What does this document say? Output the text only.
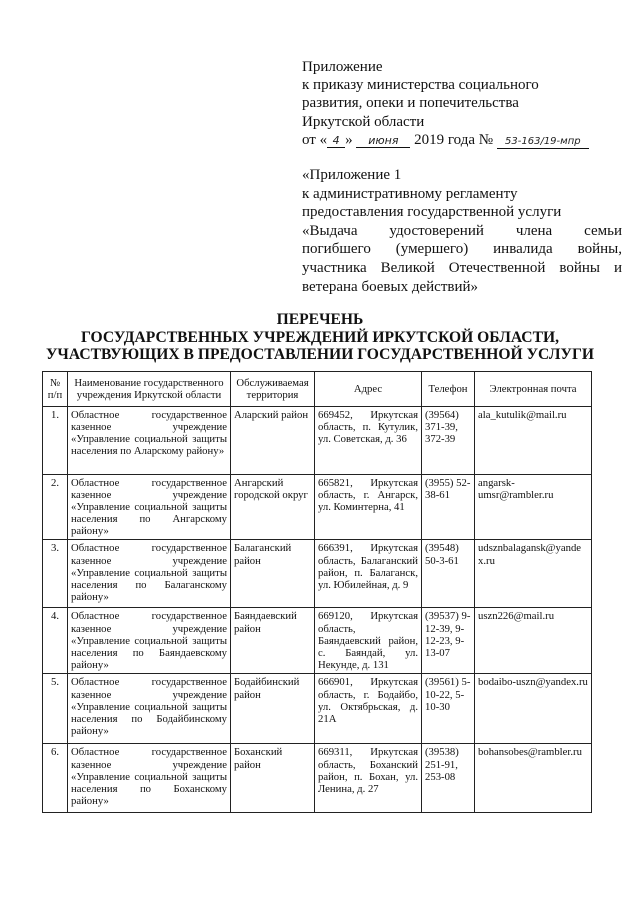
Приложение
к приказу министерства социального
развития, опеки и попечительства
Иркутской области
от « 4 » июня 2019 года № 53-163/19-мпр
«Приложение 1
к административному регламенту
предоставления государственной услуги
«Выдача удостоверений члена семьи
погибшего (умершего) инвалида войны,
участника Великой Отечественной войны и
ветерана боевых действий»
ПЕРЕЧЕНЬ
ГОСУДАРСТВЕННЫХ УЧРЕЖДЕНИЙ ИРКУТСКОЙ ОБЛАСТИ,
УЧАСТВУЮЩИХ В ПРЕДОСТАВЛЕНИИ ГОСУДАРСТВЕННОЙ УСЛУГИ
№ п/п	Наименование государственного учреждения Иркутской области	Обслуживаемая территория	Адрес	Телефон	Электронная почта
1.	Областное государственное казенное учреждение «Управление социальной защиты населения по Аларскому району»	Аларский район	669452, Иркутская область, п. Кутулик, ул. Советская, д. 36	(39564) 371-39, 372-39	ala_kutulik@mail.ru
2.	Областное государственное казенное учреждение «Управление социальной защиты населения по Ангарскому району»	Ангарский городской округ	665821, Иркутская область, г. Ангарск, ул. Коминтерна, 41	(3955) 52-38-61	angarsk-umsr@rambler.ru
3.	Областное государственное казенное учреждение «Управление социальной защиты населения по Балаганскому району»	Балаганский район	666391, Иркутская область, Балаганский район, п. Балаганск, ул. Юбилейная, д. 9	(39548) 50-3-61	udsznbalagansk@yandex.ru
4.	Областное государственное казенное учреждение «Управление социальной защиты населения по Баяндаевскому району»	Баяндаевский район	669120, Иркутская область, Баяндаевский район, с. Баяндай, ул. Некунде, д. 131	(39537) 9-12-39, 9-12-23, 9-13-07	uszn226@mail.ru
5.	Областное государственное казенное учреждение «Управление социальной защиты населения по Бодайбинскому району»	Бодайбинский район	666901, Иркутская область, г. Бодайбо, ул. Октябрьская, д. 21А	(39561) 5-10-22, 5-10-30	bodaibo-uszn@yandex.ru
6.	Областное государственное казенное учреждение «Управление социальной защиты населения по Боханскому району»	Боханский район	669311, Иркутская область, Боханский район, п. Бохан, ул. Ленина, д. 27	(39538) 251-91, 253-08	bohansobes@rambler.ru
